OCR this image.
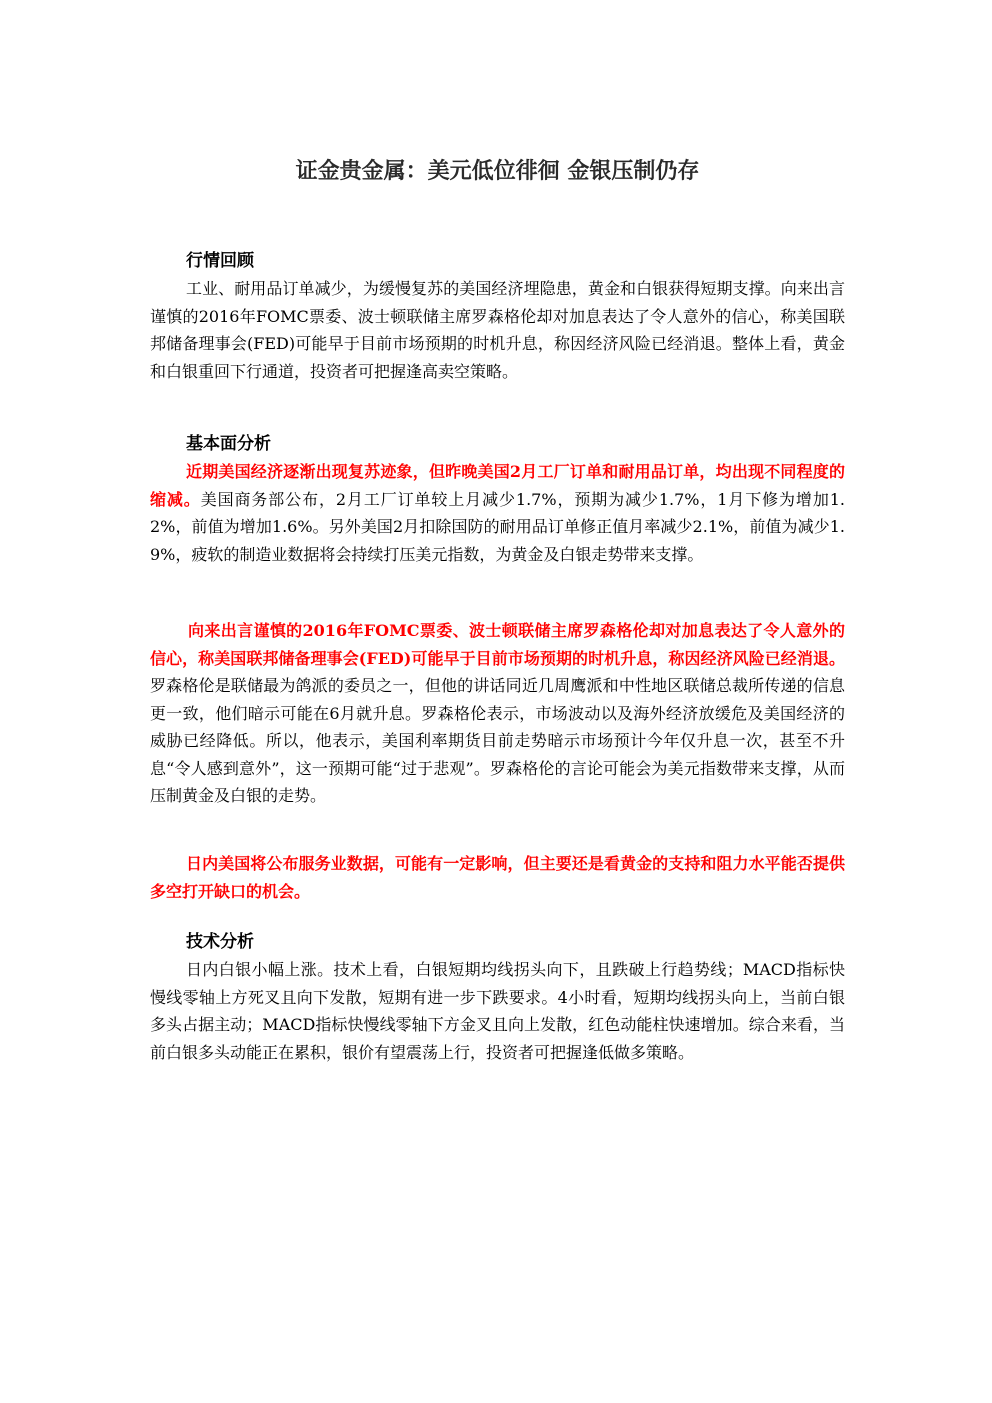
证金贵金属：美元低位徘徊 金银压制仍存
行情回顾

工业、耐用品订单减少，为缓慢复苏的美国经济埋隐患，黄金和白银获得短期支撑。向来出言谨慎的2016年FOMC票委、波士顿联储主席罗森格伦却对加息表达了令人意外的信心，称美国联邦储备理事会(FED)可能早于目前市场预期的时机升息，称因经济风险已经消退。整体上看，黄金和白银重回下行通道，投资者可把握逢高卖空策略。

基本面分析

近期美国经济逐渐出现复苏迹象，但昨晚美国2月工厂订单和耐用品订单，均出现不同程度的缩减。美国商务部公布，2月工厂订单较上月减少1.7%，预期为减少1.7%，1月下修为增加1.2%，前值为增加1.6%。另外美国2月扣除国防的耐用品订单修正值月率减少2.1%，前值为减少1.9%，疲软的制造业数据将会持续打压美元指数，为黄金及白银走势带来支撑。

向来出言谨慎的2016年FOMC票委、波士顿联储主席罗森格伦却对加息表达了令人意外的信心，称美国联邦储备理事会(FED)可能早于目前市场预期的时机升息，称因经济风险已经消退。罗森格伦是联储最为鸽派的委员之一，但他的讲话同近几周鹰派和中性地区联储总裁所传递的信息更一致，他们暗示可能在6月就升息。罗森格伦表示，市场波动以及海外经济放缓危及美国经济的威胁已经降低。所以，他表示，美国利率期货目前走势暗示市场预计今年仅升息一次，甚至不升息“令人感到意外”，这一预期可能“过于悲观”。罗森格伦的言论可能会为美元指数带来支撑，从而压制黄金及白银的走势。

日内美国将公布服务业数据，可能有一定影响，但主要还是看黄金的支持和阻力水平能否提供多空打开缺口的机会。

技术分析

日内白银小幅上涨。技术上看，白银短期均线拐头向下，且跌破上行趋势线；MACD指标快慢线零轴上方死叉且向下发散，短期有进一步下跌要求。4小时看，短期均线拐头向上，当前白银多头占据主动；MACD指标快慢线零轴下方金叉且向上发散，红色动能柱快速增加。综合来看，当前白银多头动能正在累积，银价有望震荡上行，投资者可把握逢低做多策略。
